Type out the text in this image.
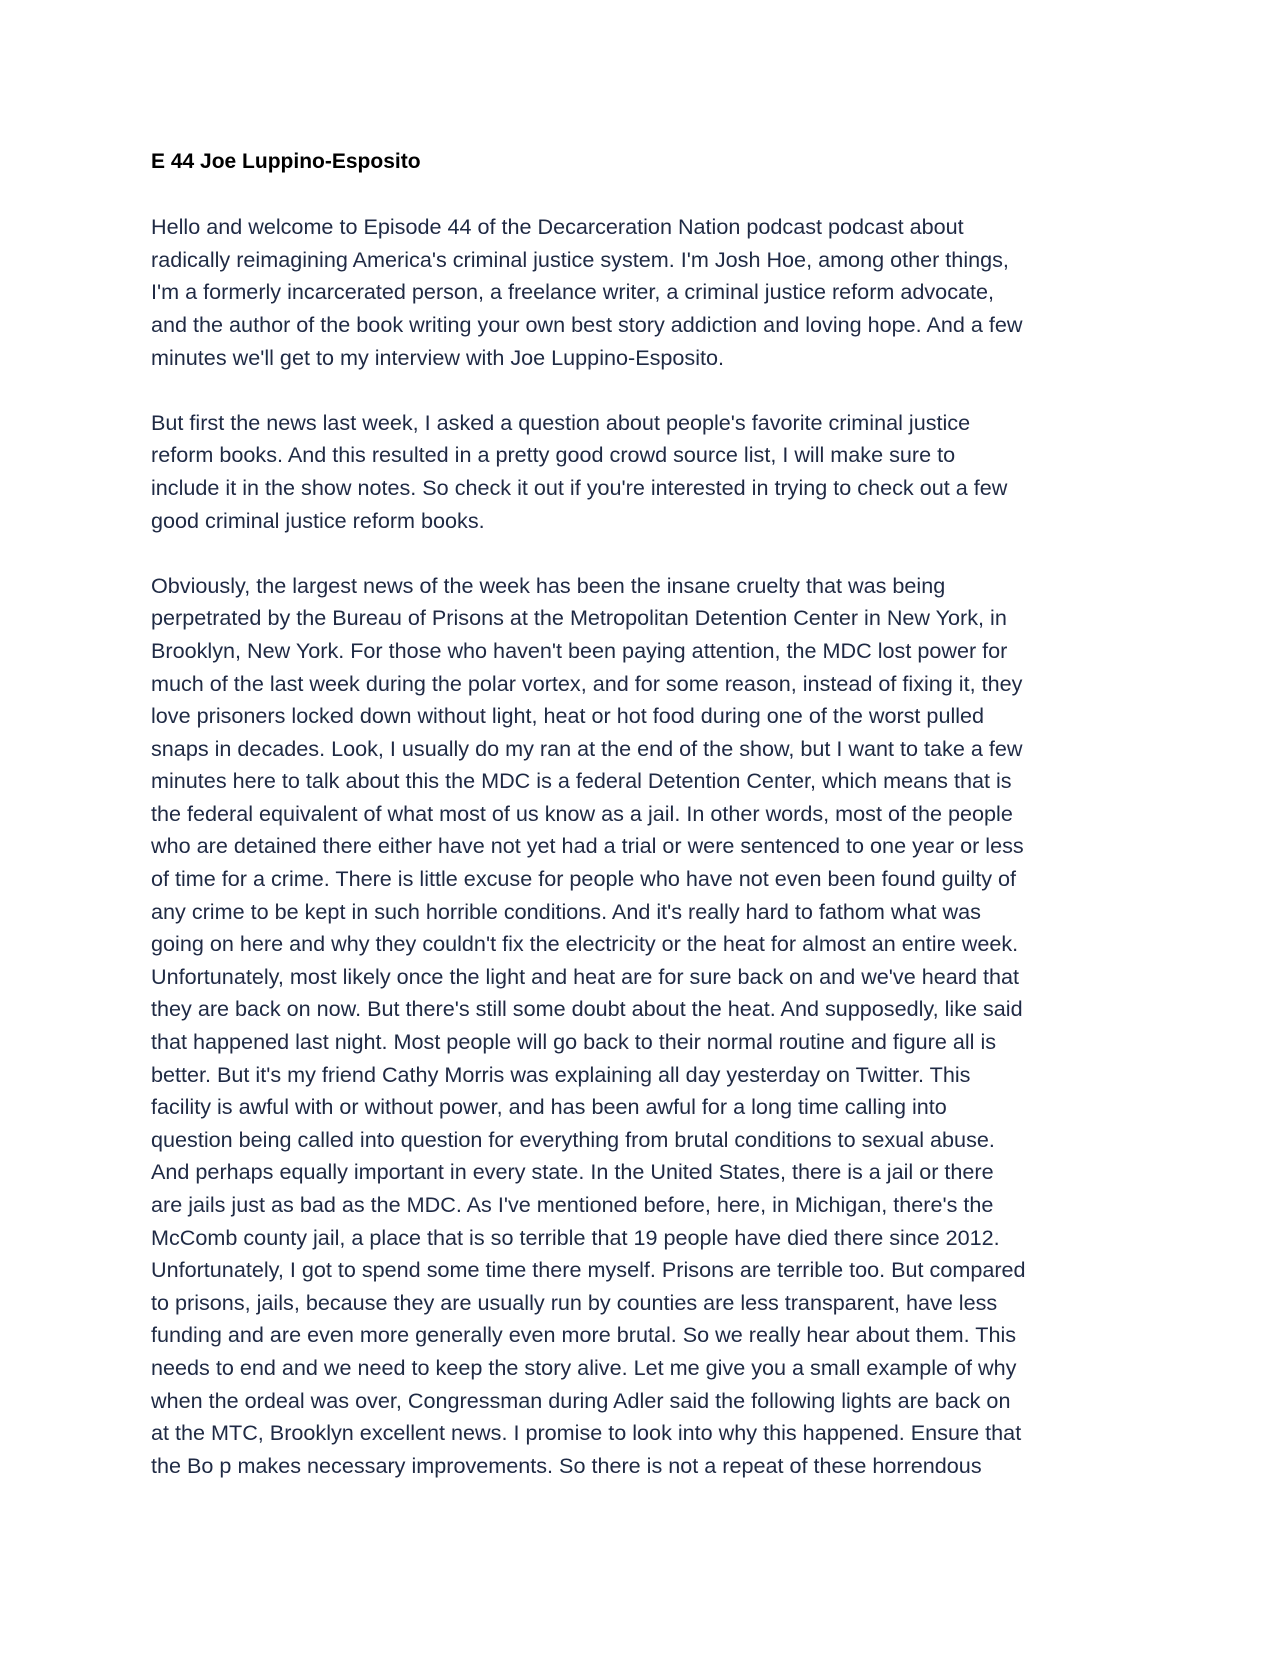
E 44 Joe Luppino-Esposito
Hello and welcome to Episode 44 of the Decarceration Nation podcast podcast about
radically reimagining America's criminal justice system. I'm Josh Hoe, among other things,
I'm a formerly incarcerated person, a freelance writer, a criminal justice reform advocate,
and the author of the book writing your own best story addiction and loving hope. And a few
minutes we'll get to my interview with Joe Luppino-Esposito.
But first the news last week, I asked a question about people's favorite criminal justice
reform books. And this resulted in a pretty good crowd source list, I will make sure to
include it in the show notes. So check it out if you're interested in trying to check out a few
good criminal justice reform books.
Obviously, the largest news of the week has been the insane cruelty that was being
perpetrated by the Bureau of Prisons at the Metropolitan Detention Center in New York, in
Brooklyn, New York. For those who haven't been paying attention, the MDC lost power for
much of the last week during the polar vortex, and for some reason, instead of fixing it, they
love prisoners locked down without light, heat or hot food during one of the worst pulled
snaps in decades. Look, I usually do my ran at the end of the show, but I want to take a few
minutes here to talk about this the MDC is a federal Detention Center, which means that is
the federal equivalent of what most of us know as a jail. In other words, most of the people
who are detained there either have not yet had a trial or were sentenced to one year or less
of time for a crime. There is little excuse for people who have not even been found guilty of
any crime to be kept in such horrible conditions. And it's really hard to fathom what was
going on here and why they couldn't fix the electricity or the heat for almost an entire week.
Unfortunately, most likely once the light and heat are for sure back on and we've heard that
they are back on now. But there's still some doubt about the heat. And supposedly, like said
that happened last night. Most people will go back to their normal routine and figure all is
better. But it's my friend Cathy Morris was explaining all day yesterday on Twitter. This
facility is awful with or without power, and has been awful for a long time calling into
question being called into question for everything from brutal conditions to sexual abuse.
And perhaps equally important in every state. In the United States, there is a jail or there
are jails just as bad as the MDC. As I've mentioned before, here, in Michigan, there's the
McComb county jail, a place that is so terrible that 19 people have died there since 2012.
Unfortunately, I got to spend some time there myself. Prisons are terrible too. But compared
to prisons, jails, because they are usually run by counties are less transparent, have less
funding and are even more generally even more brutal. So we really hear about them. This
needs to end and we need to keep the story alive. Let me give you a small example of why
when the ordeal was over, Congressman during Adler said the following lights are back on
at the MTC, Brooklyn excellent news. I promise to look into why this happened. Ensure that
the Bo p makes necessary improvements. So there is not a repeat of these horrendous
